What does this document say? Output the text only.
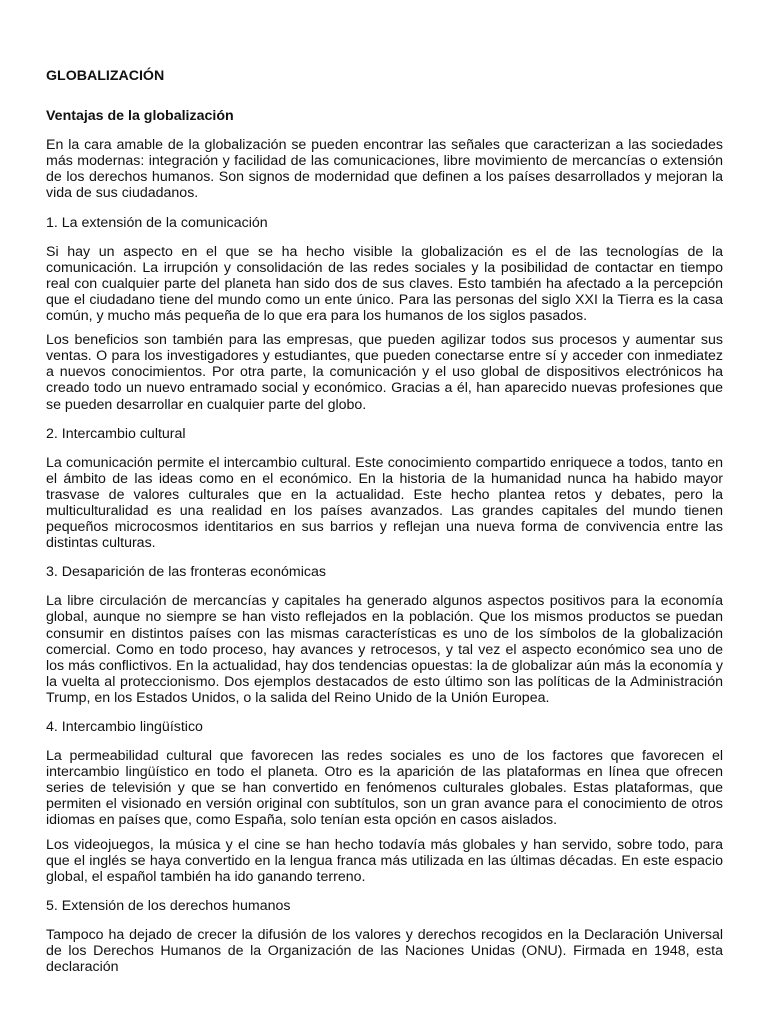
GLOBALIZACIÓN
Ventajas de la globalización

En la cara amable de la globalización se pueden encontrar las señales que caracterizan a las sociedades más modernas: integración y facilidad de las comunicaciones, libre movimiento de mercancías o extensión de los derechos humanos. Son signos de modernidad que definen a los países desarrollados y mejoran la vida de sus ciudadanos.

1. La extensión de la comunicación

Si hay un aspecto en el que se ha hecho visible la globalización es el de las tecnologías de la comunicación. La irrupción y consolidación de las redes sociales y la posibilidad de contactar en tiempo real con cualquier parte del planeta han sido dos de sus claves. Esto también ha afectado a la percepción que el ciudadano tiene del mundo como un ente único. Para las personas del siglo XXI la Tierra es la casa común, y mucho más pequeña de lo que era para los humanos de los siglos pasados.

Los beneficios son también para las empresas, que pueden agilizar todos sus procesos y aumentar sus ventas. O para los investigadores y estudiantes, que pueden conectarse entre sí y acceder con inmediatez a nuevos conocimientos. Por otra parte, la comunicación y el uso global de dispositivos electrónicos ha creado todo un nuevo entramado social y económico. Gracias a él, han aparecido nuevas profesiones que se pueden desarrollar en cualquier parte del globo.

2. Intercambio cultural

La comunicación permite el intercambio cultural. Este conocimiento compartido enriquece a todos, tanto en el ámbito de las ideas como en el económico. En la historia de la humanidad nunca ha habido mayor trasvase de valores culturales que en la actualidad. Este hecho plantea retos y debates, pero la multiculturalidad es una realidad en los países avanzados. Las grandes capitales del mundo tienen pequeños microcosmos identitarios en sus barrios y reflejan una nueva forma de convivencia entre las distintas culturas.

3. Desaparición de las fronteras económicas

La libre circulación de mercancías y capitales ha generado algunos aspectos positivos para la economía global, aunque no siempre se han visto reflejados en la población. Que los mismos productos se puedan consumir en distintos países con las mismas características es uno de los símbolos de la globalización comercial. Como en todo proceso, hay avances y retrocesos, y tal vez el aspecto económico sea uno de los más conflictivos. En la actualidad, hay dos tendencias opuestas: la de globalizar aún más la economía y la vuelta al proteccionismo. Dos ejemplos destacados de esto último son las políticas de la Administración Trump, en los Estados Unidos, o la salida del Reino Unido de la Unión Europea.

4. Intercambio lingüístico

La permeabilidad cultural que favorecen las redes sociales es uno de los factores que favorecen el intercambio lingüístico en todo el planeta. Otro es la aparición de las plataformas en línea que ofrecen series de televisión y que se han convertido en fenómenos culturales globales. Estas plataformas, que permiten el visionado en versión original con subtítulos, son un gran avance para el conocimiento de otros idiomas en países que, como España, solo tenían esta opción en casos aislados.

Los videojuegos, la música y el cine se han hecho todavía más globales y han servido, sobre todo, para que el inglés se haya convertido en la lengua franca más utilizada en las últimas décadas. En este espacio global, el español también ha ido ganando terreno.

5. Extensión de los derechos humanos

Tampoco ha dejado de crecer la difusión de los valores y derechos recogidos en la Declaración Universal de los Derechos Humanos de la Organización de las Naciones Unidas (ONU). Firmada en 1948, esta declaración
